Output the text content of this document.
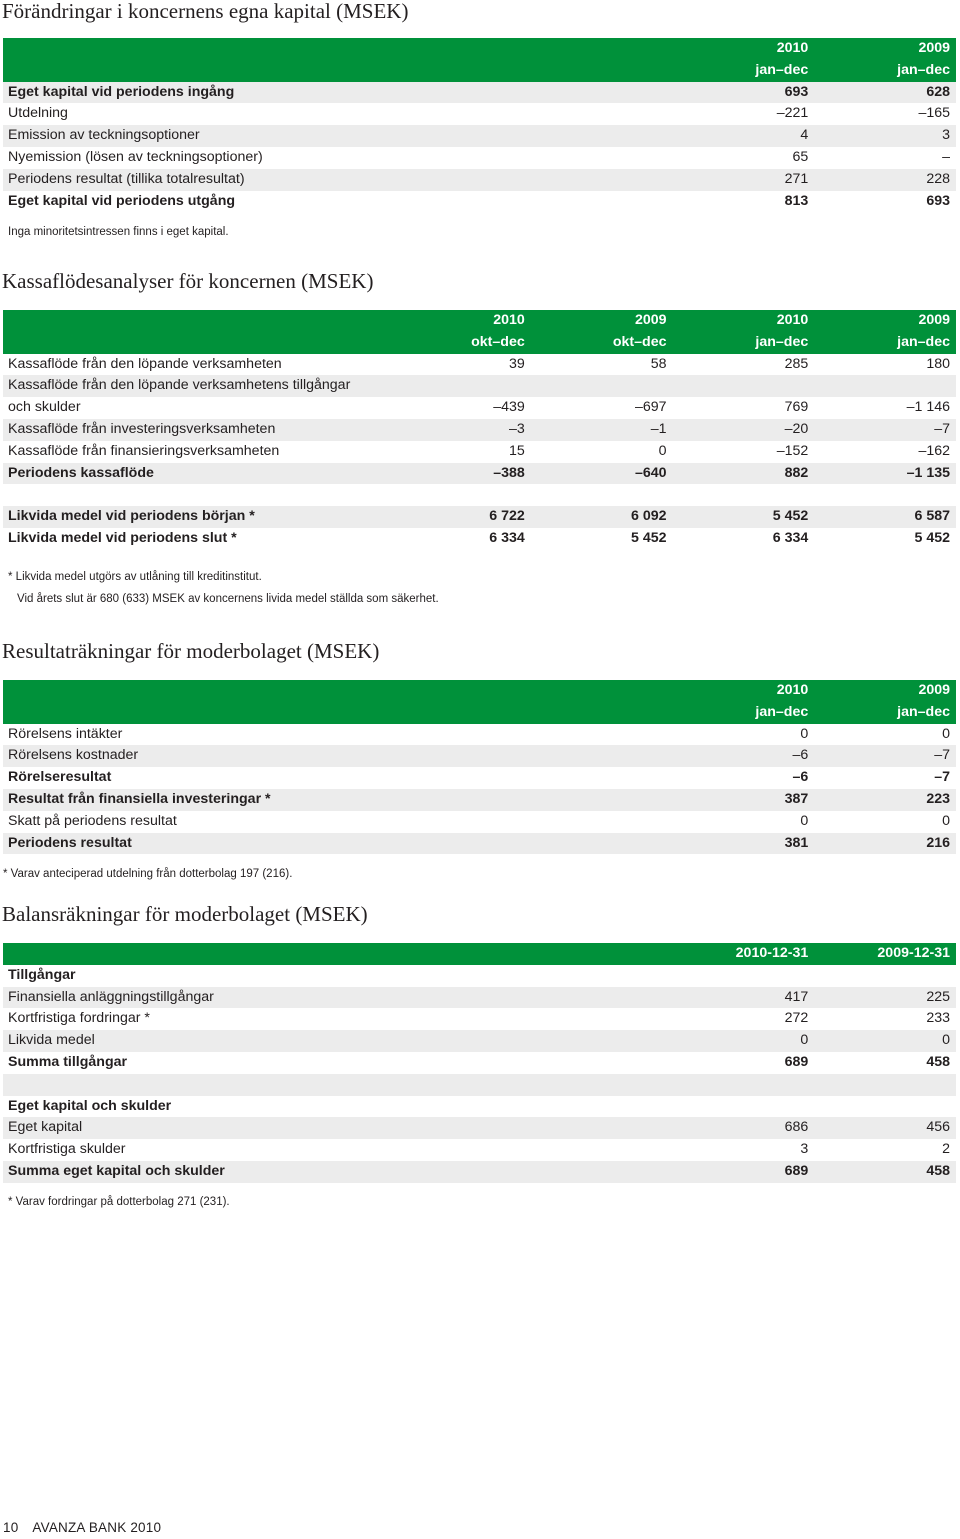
Förändringar i koncernens egna kapital (MSEK)
2010	2009
jan–dec	jan–dec
Eget kapital vid periodens ingång	693	628
Utdelning	–221	–165
Emission av teckningsoptioner	4	3
Nyemission (lösen av teckningsoptioner)	65	–
Periodens resultat (tillika totalresultat)	271	228
Eget kapital vid periodens utgång	813	693
Inga minoritetsintressen finns i eget kapital.
Kassaflödesanalyser för koncernen (MSEK)
2010	2009	2010	2009
okt–dec	okt–dec	jan–dec	jan–dec
Kassaflöde från den löpande verksamheten	39	58	285	180
Kassaflöde från den löpande verksamhetens tillgångar
och skulder	–439	–697	769	–1 146
Kassaflöde från investeringsverksamheten	–3	–1	–20	–7
Kassaflöde från finansieringsverksamheten	15	0	–152	–162
Periodens kassaflöde	–388	–640	882	–1 135
Likvida medel vid periodens början *	6 722	6 092	5 452	6 587
Likvida medel vid periodens slut *	6 334	5 452	6 334	5 452
* Likvida medel utgörs av utlåning till kreditinstitut.
Vid årets slut är 680 (633) MSEK av koncernens livida medel ställda som säkerhet.
Resultaträkningar för moderbolaget (MSEK)
2010	2009
jan–dec	jan–dec
Rörelsens intäkter	0	0
Rörelsens kostnader	–6	–7
Rörelseresultat	–6	–7
Resultat från finansiella investeringar *	387	223
Skatt på periodens resultat	0	0
Periodens resultat	381	216
* Varav anteciperad utdelning från dotterbolag 197 (216).
Balansräkningar för moderbolaget (MSEK)
2010-12-31	2009-12-31
Tillgångar
Finansiella anläggningstillgångar	417	225
Kortfristiga fordringar *	272	233
Likvida medel	0	0
Summa tillgångar	689	458
Eget kapital och skulder
Eget kapital	686	456
Kortfristiga skulder	3	2
Summa eget kapital och skulder	689	458
* Varav fordringar på dotterbolag 271 (231).
10 AVANZA BANK 2010
